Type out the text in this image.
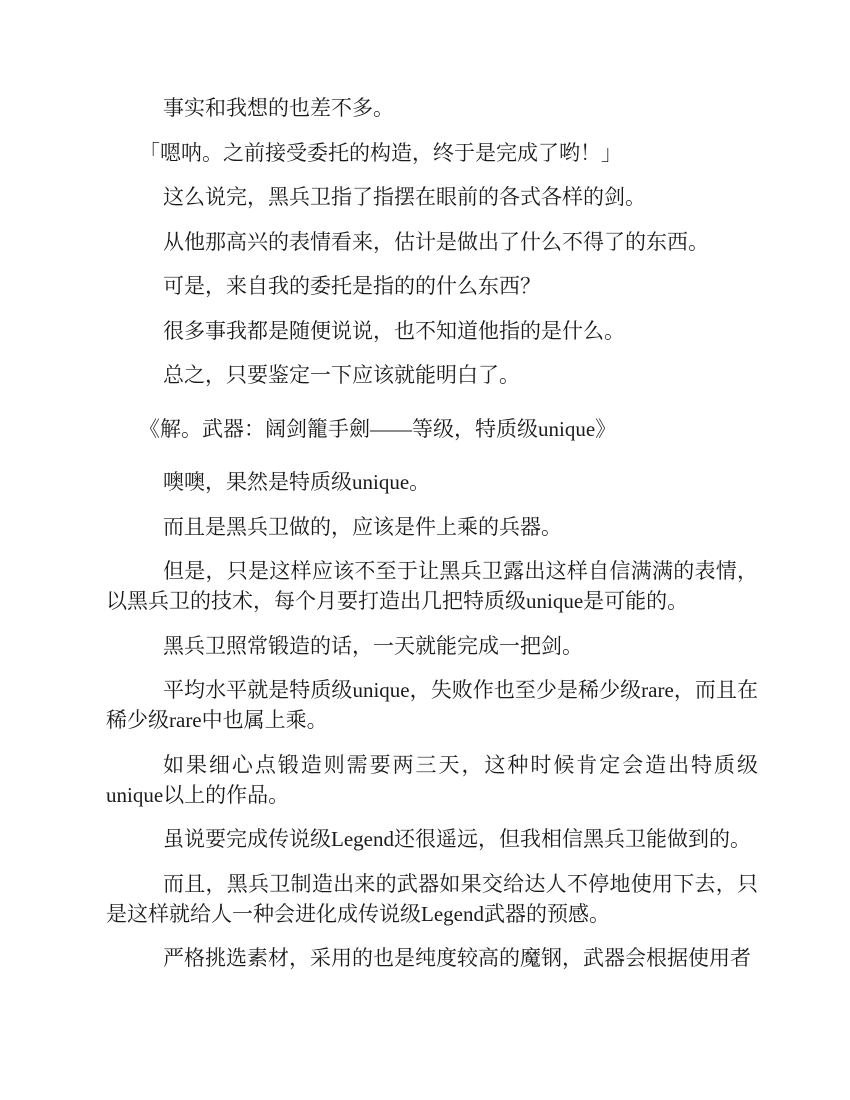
事实和我想的也差不多。

「嗯呐。之前接受委托的构造，终于是完成了哟！」

这么说完，黑兵卫指了指摆在眼前的各式各样的剑。

从他那高兴的表情看来，估计是做出了什么不得了的东西。

可是，来自我的委托是指的的什么东西？

很多事我都是随便说说，也不知道他指的是什么。

总之，只要鉴定一下应该就能明白了。

《解。武器：阔剑籠手劍——等级，特质级unique》

噢噢，果然是特质级unique。

而且是黑兵卫做的，应该是件上乘的兵器。

但是，只是这样应该不至于让黑兵卫露出这样自信满满的表情，以黑兵卫的技术，每个月要打造出几把特质级unique是可能的。

黑兵卫照常锻造的话，一天就能完成一把剑。

平均水平就是特质级unique，失败作也至少是稀少级rare，而且在稀少级rare中也属上乘。

如果细心点锻造则需要两三天，这种时候肯定会造出特质级unique以上的作品。

虽说要完成传说级Legend还很遥远，但我相信黑兵卫能做到的。

而且，黑兵卫制造出来的武器如果交给达人不停地使用下去，只是这样就给人一种会进化成传说级Legend武器的预感。

严格挑选素材，采用的也是纯度较高的魔钢，武器会根据使用者
